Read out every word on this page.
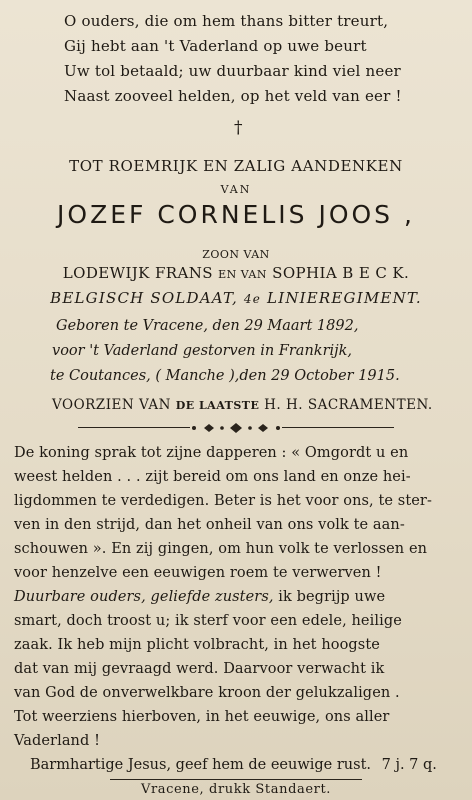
O ouders, die om hem thans bitter treurt,
Gij hebt aan 't Vaderland op uwe beurt
Uw tol betaald; uw duurbaar kind viel neer
Naast zooveel helden, op het veld van eer !
†
TOT ROEMRIJK EN ZALIG AANDENKEN
VAN
JOZEF CORNELIS JOOS ,
ZOON VAN
LODEWIJK FRANS EN VAN SOPHIA B E C K.
BELGISCH SOLDAAT, 4e LINIEREGIMENT.
Geboren te Vracene, den 29 Maart 1892,
voor 't Vaderland gestorven in Frankrijk,
te Coutances, ( Manche ),den 29 October 1915.
VOORZIEN VAN DE LAATSTE H. H. SACRAMENTEN.
De koning sprak tot zijne dapperen : « Omgordt u en
weest helden . . . zijt bereid om ons land en onze hei-
ligdommen te verdedigen. Beter is het voor ons, te ster-
ven in den strijd, dan het onheil van ons volk te aan-
schouwen ». En zij gingen, om hun volk te verlossen en
voor henzelve een eeuwigen roem te verwerven !
Duurbare ouders, geliefde zusters, ik begrijp uwe
smart, doch troost u; ik sterf voor een edele, heilige
zaak. Ik heb mijn plicht volbracht, in het hoogste
dat van mij gevraagd werd. Daarvoor verwacht ik
van God de onverwelkbare kroon der gelukzaligen .
Tot weerziens hierboven, in het eeuwige, ons aller
Vaderland !
Barmhartige Jesus, geef hem de eeuwige rust. 7 j. 7 q.
Vracene, drukk Standaert.
